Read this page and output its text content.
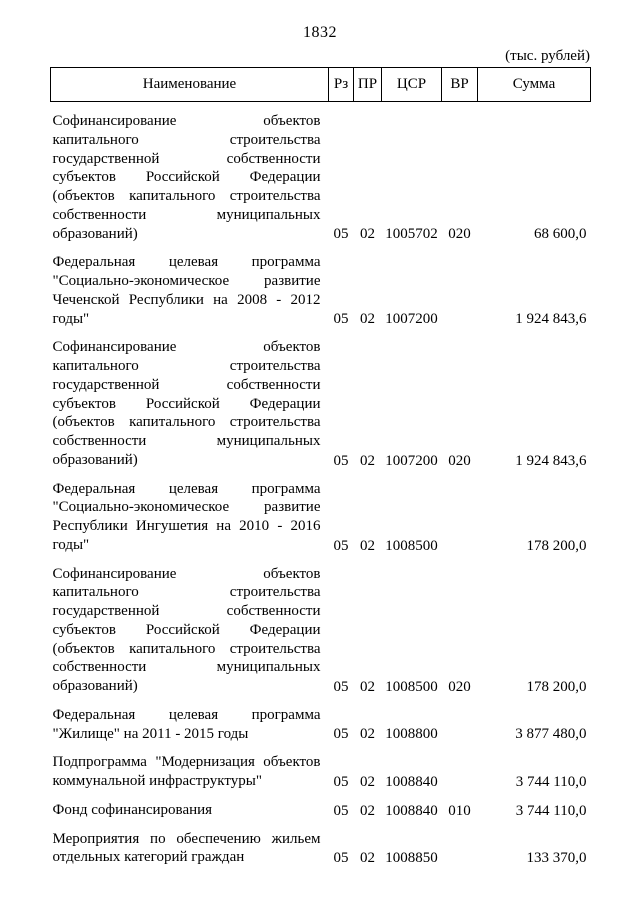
1832
(тыс. рублей)
Наименование	Рз	ПР	ЦСР	ВР	Сумма
Софинансирование объектов капитального строительства государственной собственности субъектов Российской Федерации (объектов капитального строительства собственности муниципальных образований)	05	02	1005702	020	68 600,0
Федеральная целевая программа "Социально-экономическое развитие Чеченской Республики на 2008 - 2012 годы"	05	02	1007200		1 924 843,6
Софинансирование объектов капитального строительства государственной собственности субъектов Российской Федерации (объектов капитального строительства собственности муниципальных образований)	05	02	1007200	020	1 924 843,6
Федеральная целевая программа "Социально-экономическое развитие Республики Ингушетия на 2010 - 2016 годы"	05	02	1008500		178 200,0
Софинансирование объектов капитального строительства государственной собственности субъектов Российской Федерации (объектов капитального строительства собственности муниципальных образований)	05	02	1008500	020	178 200,0
Федеральная целевая программа "Жилище" на 2011 - 2015 годы	05	02	1008800		3 877 480,0
Подпрограмма "Модернизация объектов коммунальной инфраструктуры"	05	02	1008840		3 744 110,0
Фонд софинансирования	05	02	1008840	010	3 744 110,0
Мероприятия по обеспечению жильем отдельных категорий граждан	05	02	1008850		133 370,0
